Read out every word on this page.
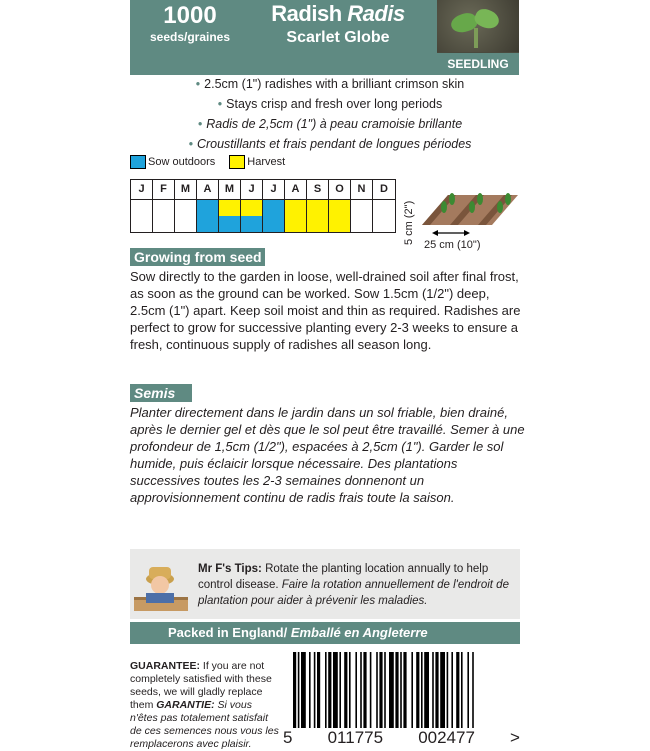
1000
seeds/graines
Radish Radis
Scarlet Globe
SEEDLING
• 2.5cm (1") radishes with a brilliant crimson skin
• Stays crisp and fresh over long periods
• Radis de 2,5cm (1") à peau cramoisie brillante
• Croustillants et frais pendant de longues périodes
Sow outdoors	Harvest
J	F	M	A	M	J	J	A	S	O	N	D
5 cm (2") 25 cm (10")
Growing from seed
Sow directly to the garden in loose, well-drained soil after final frost, as soon as the ground can be worked. Sow 1.5cm (1/2") deep, 2.5cm (1") apart. Keep soil moist and thin as required. Radishes are perfect to grow for successive planting every 2-3 weeks to ensure a fresh, continuous supply of radishes all season long.
Semis
Planter directement dans le jardin dans un sol friable, bien drainé, après le dernier gel et dès que le sol peut être travaillé. Semer à une profondeur de 1,5cm (1/2"), espacées à 2,5cm (1"). Garder le sol humide, puis éclaicir lorsque nécessaire. Des plantations successives toutes les 2-3 semaines donnenont un approvisionnement continu de radis frais toute la saison.
Mr F's Tips: Rotate the planting location annually to help control disease. Faire la rotation annuellement de l'endroit de plantation pour aider à prévenir les maladies.
Packed in England/ Emballé en Angleterre
GUARANTEE: If you are not completely satisfied with these seeds, we will gladly replace them GARANTIE: Si vous n'êtes pas totalement satisfait de ces semences nous vous les remplacerons avec plaisir.	5 011775 002477 >
